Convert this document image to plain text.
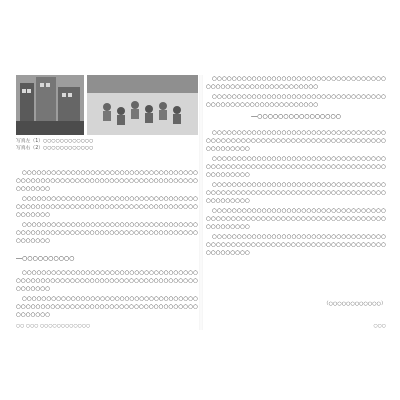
写真左（1）○○○○○○○○○○○○
写真右（2）○○○○○○○○○○○○

○○○○○○○○○○○○○○○○○○○○○○○○○○○○○○○○○○○○○○○○○○○○○○○○○○○○○○○○○○○○○○○○○○○○○○○○○○○○○○○○

○○○○○○○○○○○○○○○○○○○○○○○○○○○○○○○○○○○○○○○○○○○○○○○○○○○○○○○○○○○○○○○○○○○○○○○○○○○○○○○○

○○○○○○○○○○○○○○○○○○○○○○○○○○○○○○○○○○○○○○○○○○○○○○○○○○○○○○○○○○○○○○○○○○○○○○○○○○○○○○○○

―○○○○○○○○○○

○○○○○○○○○○○○○○○○○○○○○○○○○○○○○○○○○○○○○○○○○○○○○○○○○○○○○○○○○○○○○○○○○○○○○○○○○○○○○○○○

○○○○○○○○○○○○○○○○○○○○○○○○○○○○○○○○○○○○○○○○○○○○○○○○○○○○○○○○○○○○○○○○○○○○○○○○○○○○○○○○

○○ ○○○ ○○○○○○○○○○○○

○○○○○○○○○○○○○○○○○○○○○○○○○○○○○○○○○○○○○○○○○○○○○○○○○○○○○○○○○○

○○○○○○○○○○○○○○○○○○○○○○○○○○○○○○○○○○○○○○○○○○○○○○○○○○○○○○○○○○

―○○○○○○○○○○○○○○○○

○○○○○○○○○○○○○○○○○○○○○○○○○○○○○○○○○○○○○○○○○○○○○○○○○○○○○○○○○○○○○○○○○○○○○○○○○○○○○○○○

○○○○○○○○○○○○○○○○○○○○○○○○○○○○○○○○○○○○○○○○○○○○○○○○○○○○○○○○○○○○○○○○○○○○○○○○○○○○○○○○

○○○○○○○○○○○○○○○○○○○○○○○○○○○○○○○○○○○○○○○○○○○○○○○○○○○○○○○○○○○○○○○○○○○○○○○○○○○○○○○○

○○○○○○○○○○○○○○○○○○○○○○○○○○○○○○○○○○○○○○○○○○○○○○○○○○○○○○○○○○○○○○○○○○○○○○○○○○○○○○○○

○○○○○○○○○○○○○○○○○○○○○○○○○○○○○○○○○○○○○○○○○○○○○○○○○○○○○○○○○○○○○○○○○○○○○○○○○○○○○○○○

（○○○○○○○○○○○○）
○○○
